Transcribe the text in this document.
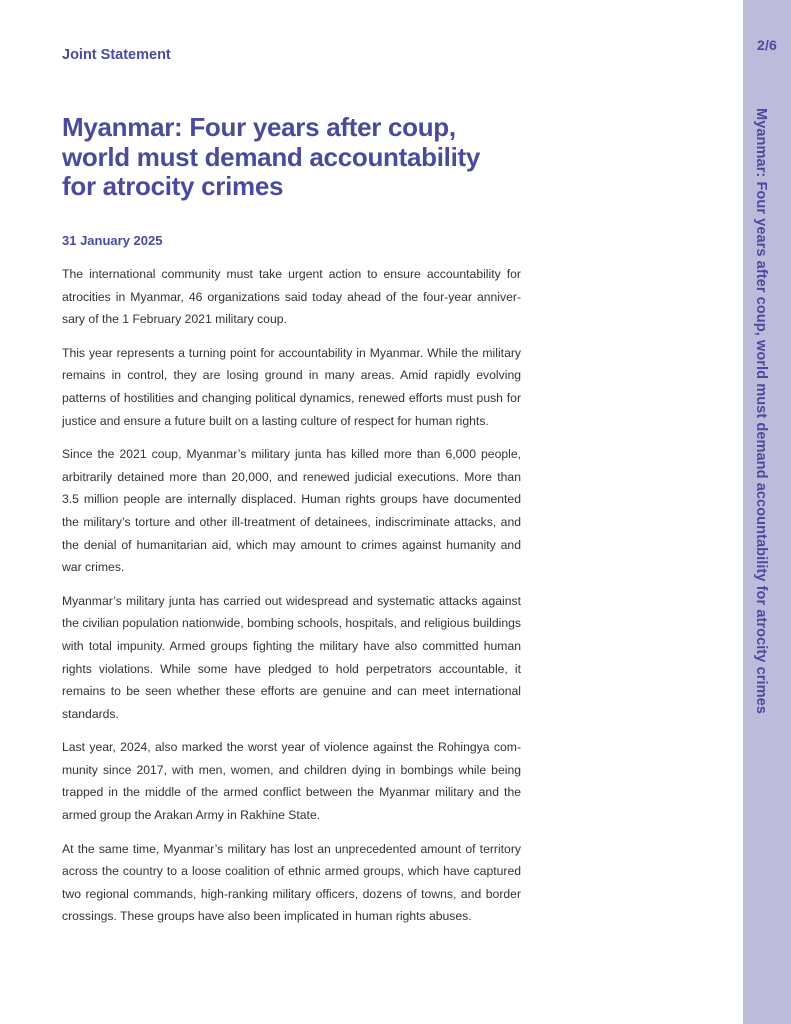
2/6
Myanmar: Four years after coup, world must demand accountability for atrocity crimes
Joint Statement
Myanmar: Four years after coup,
world must demand accountability
for atrocity crimes
31 January 2025

The international community must take urgent action to ensure accountability for atrocities in Myanmar, 46 organizations said today ahead of the four-year anniversary of the 1 February 2021 military coup.

This year represents a turning point for accountability in Myanmar. While the military remains in control, they are losing ground in many areas. Amid rapidly evolving patterns of hostilities and changing political dynamics, renewed efforts must push for justice and ensure a future built on a lasting culture of respect for human rights.

Since the 2021 coup, Myanmar’s military junta has killed more than 6,000 people, arbitrarily detained more than 20,000, and renewed judicial executions. More than 3.5 million people are internally displaced. Human rights groups have documented the military’s torture and other ill-treatment of detainees, indiscriminate attacks, and the denial of humanitarian aid, which may amount to crimes against humanity and war crimes.

Myanmar’s military junta has carried out widespread and systematic attacks against the civilian population nationwide, bombing schools, hospitals, and religious buildings with total impunity. Armed groups fighting the military have also committed human rights violations. While some have pledged to hold perpetrators accountable, it remains to be seen whether these efforts are genuine and can meet international standards.

Last year, 2024, also marked the worst year of violence against the Rohingya community since 2017, with men, women, and children dying in bombings while being trapped in the middle of the armed conflict between the Myanmar military and the armed group the Arakan Army in Rakhine State.

At the same time, Myanmar’s military has lost an unprecedented amount of territory across the country to a loose coalition of ethnic armed groups, which have captured two regional commands, high-ranking military officers, dozens of towns, and border crossings. These groups have also been implicated in human rights abuses.
